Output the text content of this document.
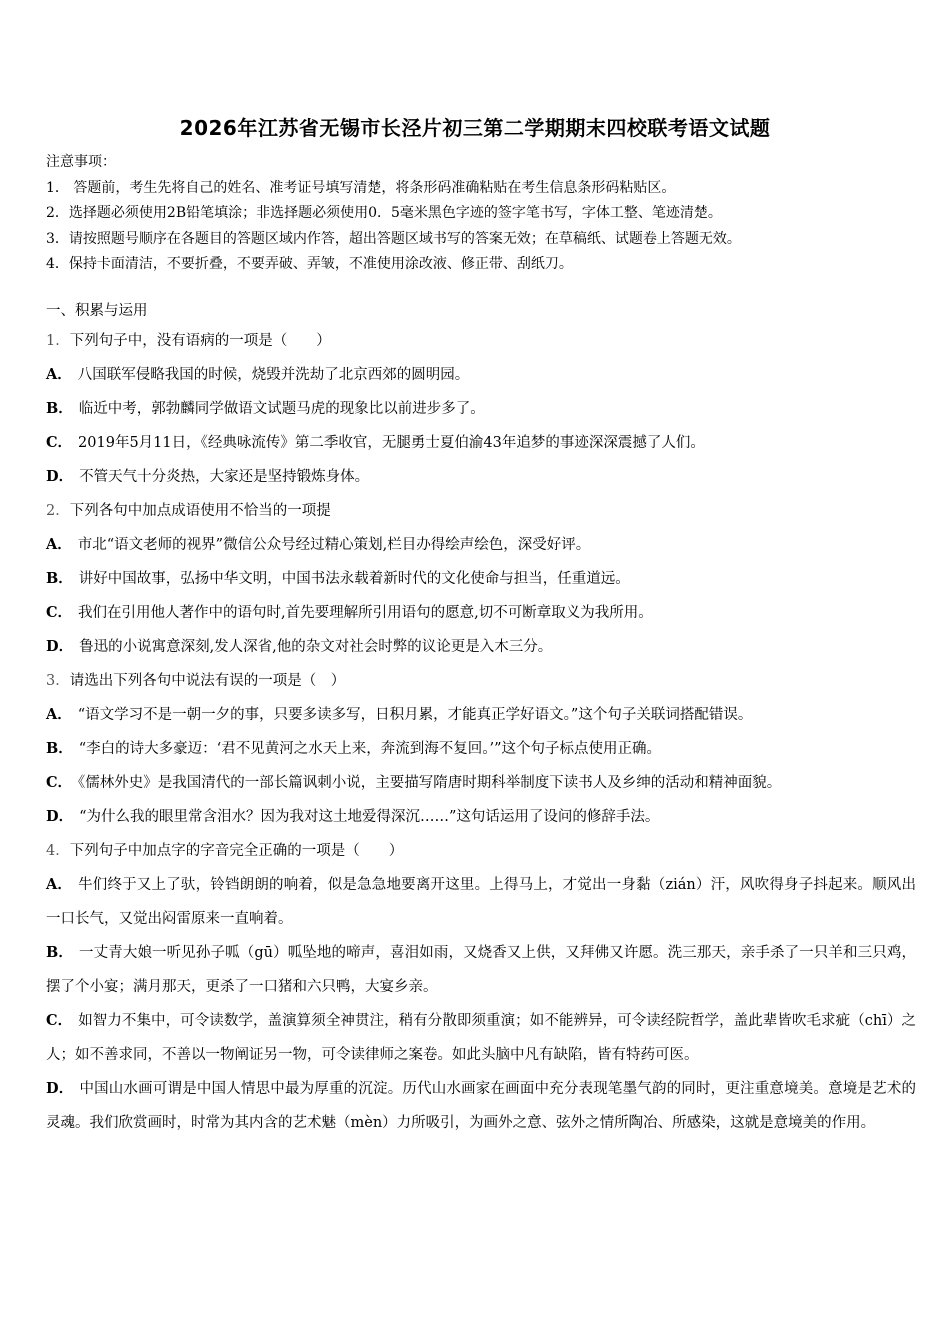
2026年江苏省无锡市长泾片初三第二学期期末四校联考语文试题
注意事项：
1． 答题前，考生先将自己的姓名、准考证号填写清楚，将条形码准确粘贴在考生信息条形码粘贴区。
2．选择题必须使用2B铅笔填涂；非选择题必须使用0．5毫米黑色字迹的签字笔书写，字体工整、笔迹清楚。
3．请按照题号顺序在各题目的答题区域内作答，超出答题区域书写的答案无效；在草稿纸、试题卷上答题无效。
4．保持卡面清洁，不要折叠，不要弄破、弄皱，不准使用涂改液、修正带、刮纸刀。
一、积累与运用
1．下列句子中，没有语病的一项是（　　）
A． 八国联军侵略我国的时候，烧毁并洗劫了北京西郊的圆明园。
B． 临近中考，郭勃麟同学做语文试题马虎的现象比以前进步多了。
C． 2019年5月11日，《经典咏流传》第二季收官，无腿勇士夏伯渝43年追梦的事迹深深震撼了人们。
D． 不管天气十分炎热，大家还是坚持锻炼身体。
2．下列各句中加点成语使用不恰当的一项提
A． 市北“语文老师的视界”微信公众号经过精心策划,栏目办得绘声绘色，深受好评。
B． 讲好中国故事，弘扬中华文明，中国书法永载着新时代的文化使命与担当，任重道远。
C． 我们在引用他人著作中的语句时,首先要理解所引用语句的愿意,切不可断章取义为我所用。
D． 鲁迅的小说寓意深刻,发人深省,他的杂文对社会时弊的议论更是入木三分。
3．请选出下列各句中说法有误的一项是（　）
A． “语文学习不是一朝一夕的事，只要多读多写，日积月累，才能真正学好语文。”这个句子关联词搭配错误。
B． “李白的诗大多豪迈：‘君不见黄河之水天上来，奔流到海不复回。’”这个句子标点使用正确。
C． 《儒林外史》是我国清代的一部长篇讽刺小说，主要描写隋唐时期科举制度下读书人及乡绅的活动和精神面貌。
D． “为什么我的眼里常含泪水？因为我对这土地爱得深沉……”这句话运用了设问的修辞手法。
4．下列句子中加点字的字音完全正确的一项是（　　）
A． 牛们终于又上了驮，铃铛朗朗的响着，似是急急地要离开这里。上得马上，才觉出一身黏（zián）汗，风吹得身子抖起来。顺风出一口长气，又觉出闷雷原来一直响着。
B． 一丈青大娘一听见孙子呱（gū）呱坠地的啼声，喜泪如雨，又烧香又上供，又拜佛又许愿。洗三那天，亲手杀了一只羊和三只鸡，摆了个小宴；满月那天，更杀了一口猪和六只鸭，大宴乡亲。
C． 如智力不集中，可令读数学，盖演算须全神贯注，稍有分散即须重演；如不能辨异，可令读经院哲学，盖此辈皆吹毛求疵（chī）之人；如不善求同，不善以一物阐证另一物，可令读律师之案卷。如此头脑中凡有缺陷，皆有特药可医。
D． 中国山水画可谓是中国人情思中最为厚重的沉淀。历代山水画家在画面中充分表现笔墨气韵的同时，更注重意境美。意境是艺术的灵魂。我们欣赏画时，时常为其内含的艺术魅（mèn）力所吸引，为画外之意、弦外之情所陶冶、所感染，这就是意境美的作用。
